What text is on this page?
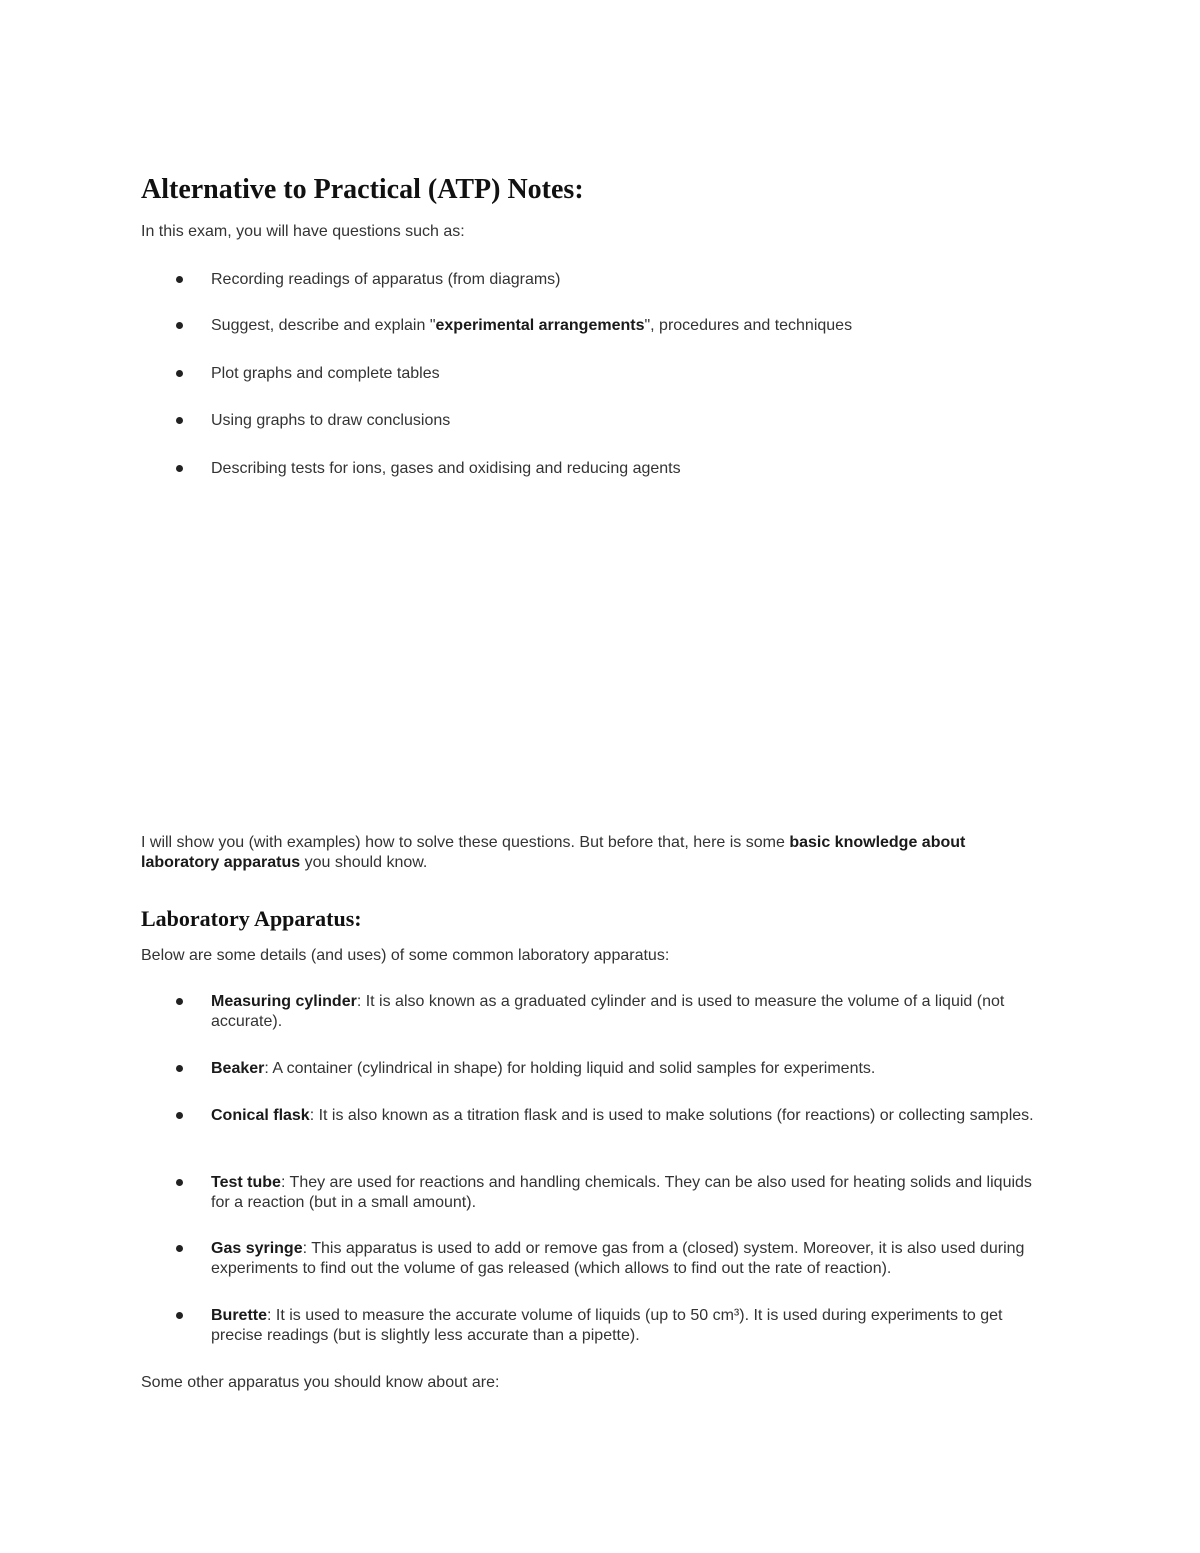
Alternative to Practical (ATP) Notes:

In this exam, you will have questions such as:

Recording readings of apparatus (from diagrams)
Suggest, describe and explain "experimental arrangements", procedures and techniques
Plot graphs and complete tables
Using graphs to draw conclusions
Describing tests for ions, gases and oxidising and reducing agents

I will show you (with examples) how to solve these questions. But before that, here is some basic knowledge about laboratory apparatus you should know.

Laboratory Apparatus:

Below are some details (and uses) of some common laboratory apparatus:

Measuring cylinder: It is also known as a graduated cylinder and is used to measure the volume of a liquid (not accurate).
Beaker: A container (cylindrical in shape) for holding liquid and solid samples for experiments.
Conical flask: It is also known as a titration flask and is used to make solutions (for reactions) or collecting samples.
Test tube: They are used for reactions and handling chemicals. They can be also used for heating solids and liquids for a reaction (but in a small amount).
Gas syringe: This apparatus is used to add or remove gas from a (closed) system. Moreover, it is also used during experiments to find out the volume of gas released (which allows to find out the rate of reaction).
Burette: It is used to measure the accurate volume of liquids (up to 50 cm³). It is used during experiments to get precise readings (but is slightly less accurate than a pipette).

Some other apparatus you should know about are:
